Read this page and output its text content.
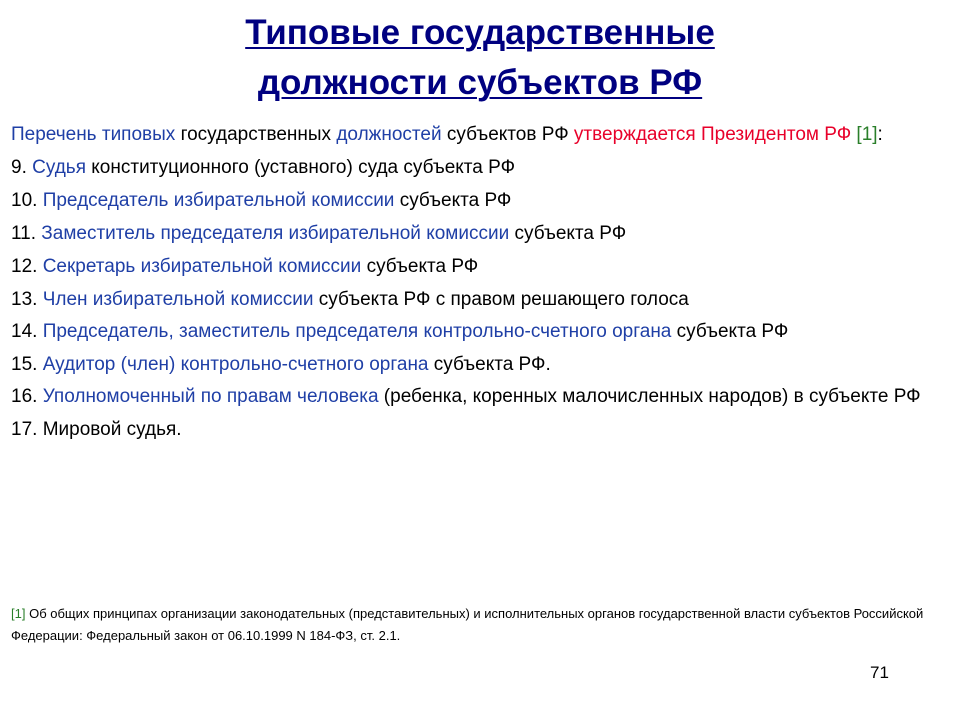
Типовые государственные
должности субъектов РФ
Перечень типовых государственных должностей субъектов РФ утверждается Президентом РФ [1]:
9. Судья конституционного (уставного) суда субъекта РФ
10. Председатель избирательной комиссии субъекта РФ
11. Заместитель председателя избирательной комиссии субъекта РФ
12. Секретарь избирательной комиссии субъекта РФ
13. Член избирательной комиссии субъекта РФ с правом решающего голоса
14. Председатель, заместитель председателя контрольно-счетного органа субъекта РФ
15. Аудитор (член) контрольно-счетного органа субъекта РФ.
16. Уполномоченный по правам человека (ребенка, коренных малочисленных народов) в субъекте РФ
17. Мировой судья.
[1] Об общих принципах организации законодательных (представительных) и исполнительных органов государственной власти субъектов Российской Федерации: Федеральный закон от 06.10.1999 N 184-ФЗ, ст. 2.1.
71
